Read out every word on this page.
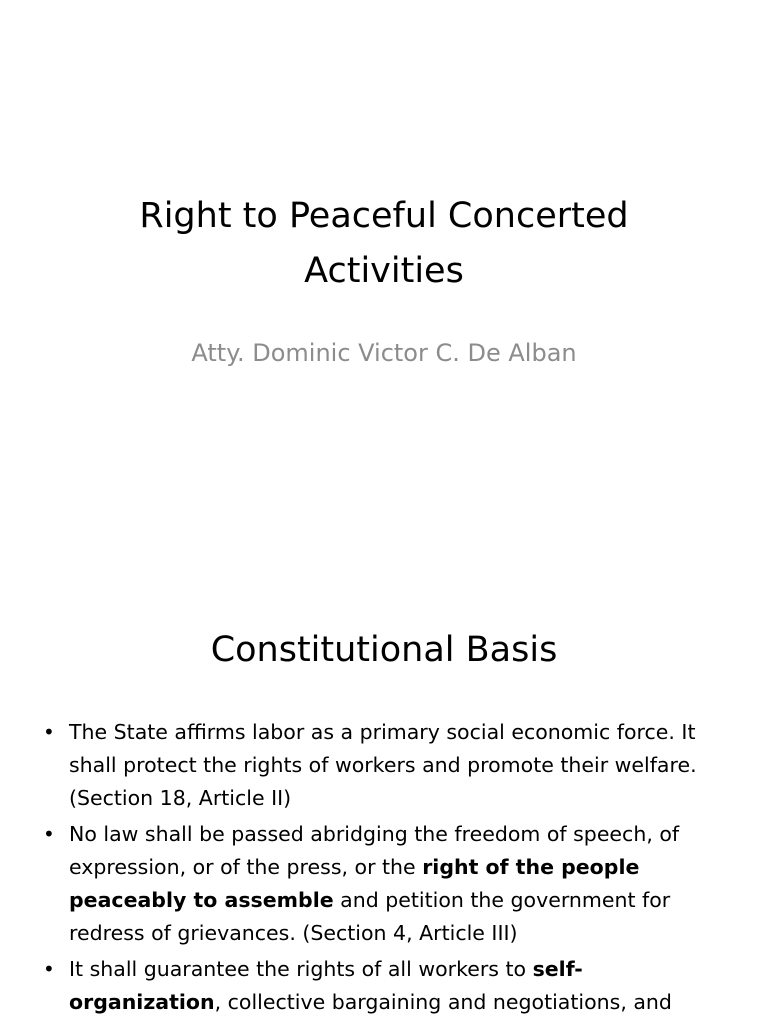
Right to Peaceful Concerted
Activities

Atty. Dominic Victor C. De Alban

Constitutional Basis
• The State affirms labor as a primary social economic force. It shall protect the rights of workers and promote their welfare. (Section 18, Article II)
• No law shall be passed abridging the freedom of speech, of expression, or of the press, or the right of the people peaceably to assemble and petition the government for redress of grievances. (Section 4, Article III)
• It shall guarantee the rights of all workers to self-organization, collective bargaining and negotiations, and
